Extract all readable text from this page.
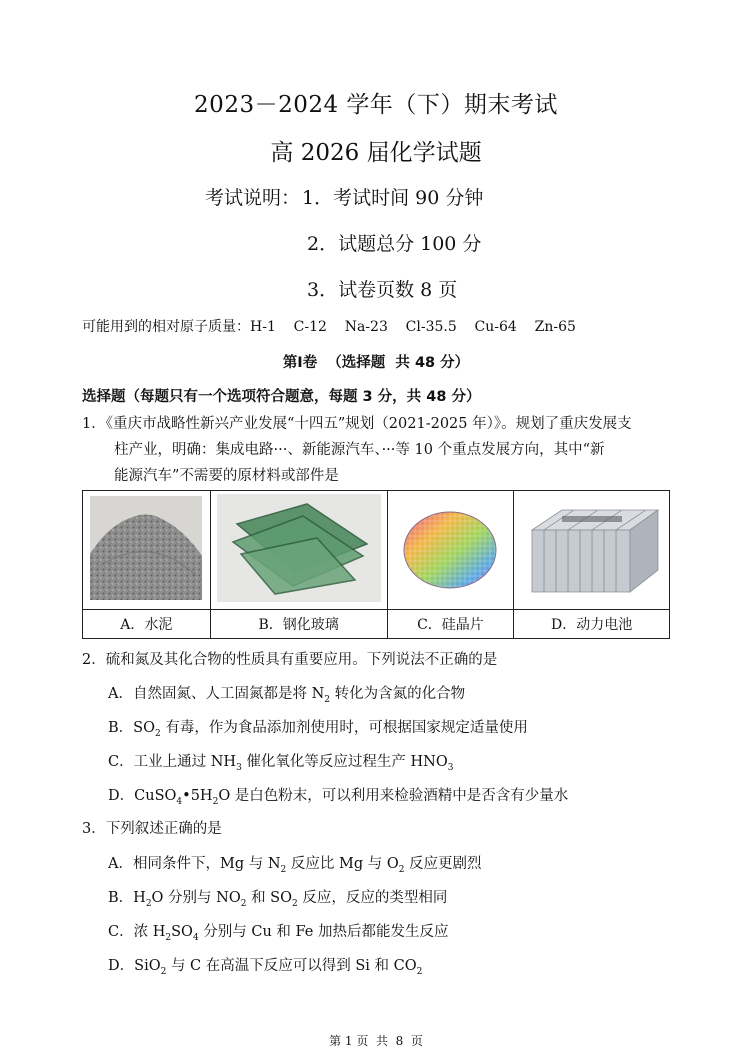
2023－2024 学年（下）期末考试
高 2026 届化学试题
考试说明： 1．考试时间 90 分钟
2．试题总分 100 分
3．试卷页数 8 页
可能用到的相对原子质量：H-1    C-12    Na-23    Cl-35.5    Cu-64    Zn-65
第Ⅰ卷  （选择题  共 48 分）
选择题（每题只有一个选项符合题意，每题 3 分，共 48 分）
1．《重庆市战略性新兴产业发展“十四五”规划（2021-2025 年）》。规划了重庆发展支
柱产业，明确：集成电路···、新能源汽车、···等 10 个重点发展方向，其中“新
能源汽车”不需要的原材料或部件是

A．水泥	B．钢化玻璃	C．硅晶片	D．动力电池
2．硫和氮及其化合物的性质具有重要应用。下列说法不正确的是
A．自然固氮、人工固氮都是将 $N_2$ 转化为含氮的化合物
B．$SO_2$ 有毒，作为食品添加剂使用时，可根据国家规定适量使用
C．工业上通过 $NH_3$ 催化氧化等反应过程生产 $HNO_3$
D．$CuSO_4•5H_2O$ 是白色粉末，可以利用来检验酒精中是否含有少量水
3．下列叙述正确的是
A．相同条件下，Mg 与 $N_2$ 反应比 Mg 与 $O_2$ 反应更剧烈
B．$H_2O$ 分别与 $NO_2$ 和 $SO_2$ 反应，反应的类型相同
C．浓 $H_2SO_4$ 分别与 Cu 和 Fe 加热后都能发生反应
D．SiO$_2$ 与 C 在高温下反应可以得到 Si 和 $CO_2$
第 1 页  共  8  页
